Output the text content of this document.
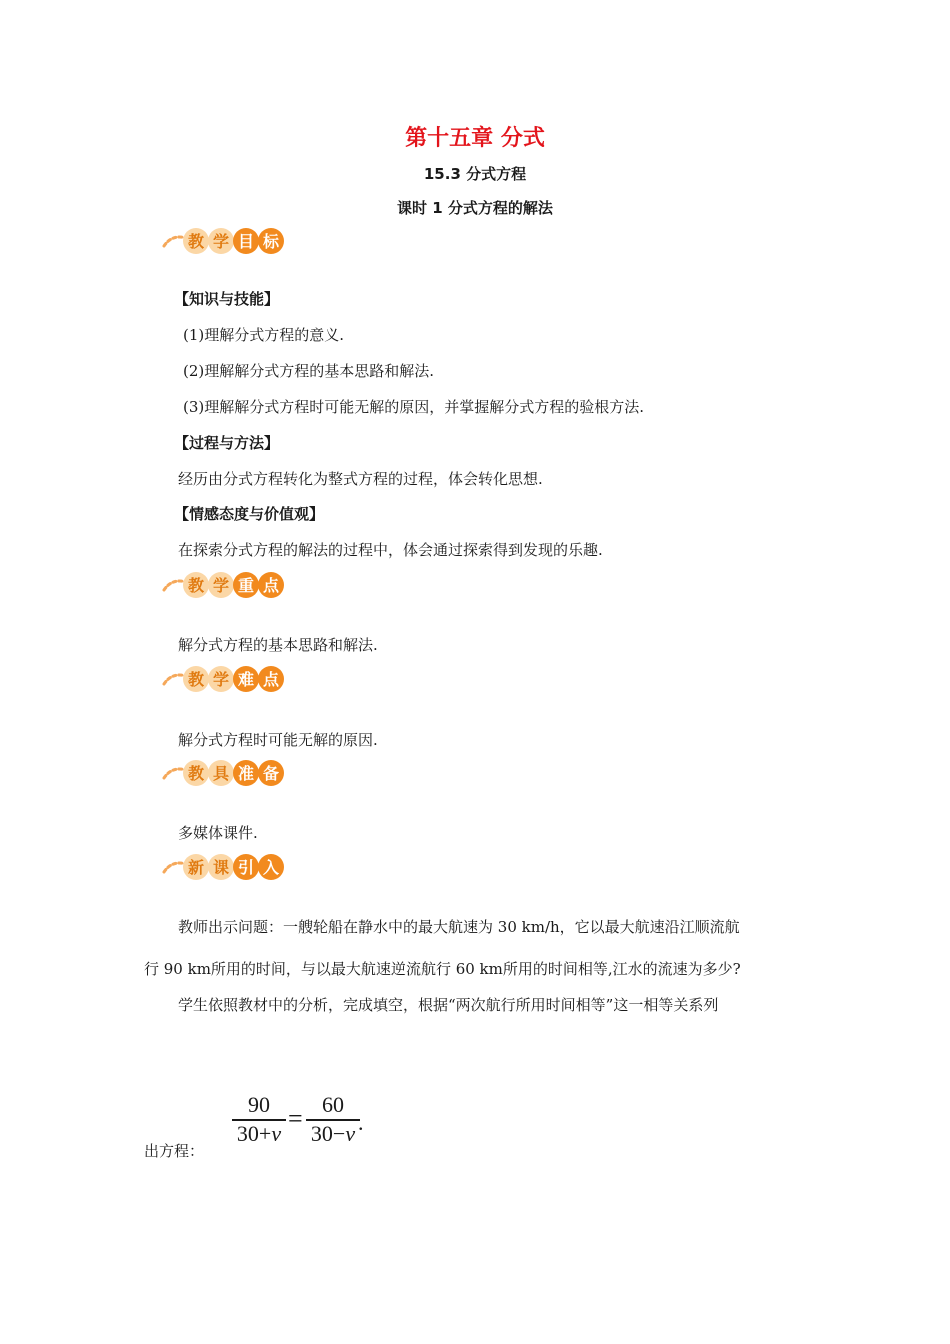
第十五章 分式
15.3 分式方程
课时 1 分式方程的解法
教 学 目 标
【知识与技能】
(1)理解分式方程的意义.
(2)理解解分式方程的基本思路和解法.
(3)理解解分式方程时可能无解的原因，并掌握解分式方程的验根方法.
【过程与方法】
经历由分式方程转化为整式方程的过程，体会转化思想.
【情感态度与价值观】
在探索分式方程的解法的过程中，体会通过探索得到发现的乐趣.
教 学 重 点
解分式方程的基本思路和解法.
教 学 难 点
解分式方程时可能无解的原因.
教 具 准 备
多媒体课件.
新 课 引 入
教师出示问题：一艘轮船在静水中的最大航速为 30 km/h，它以最大航速沿江顺流航
行 90 km所用的时间，与以最大航速逆流航行 60 km所用的时间相等,江水的流速为多少?
学生依照教材中的分析，完成填空，根据“两次航行所用时间相等”这一相等关系列
出方程：
90
30+v
= 60
30−v .
